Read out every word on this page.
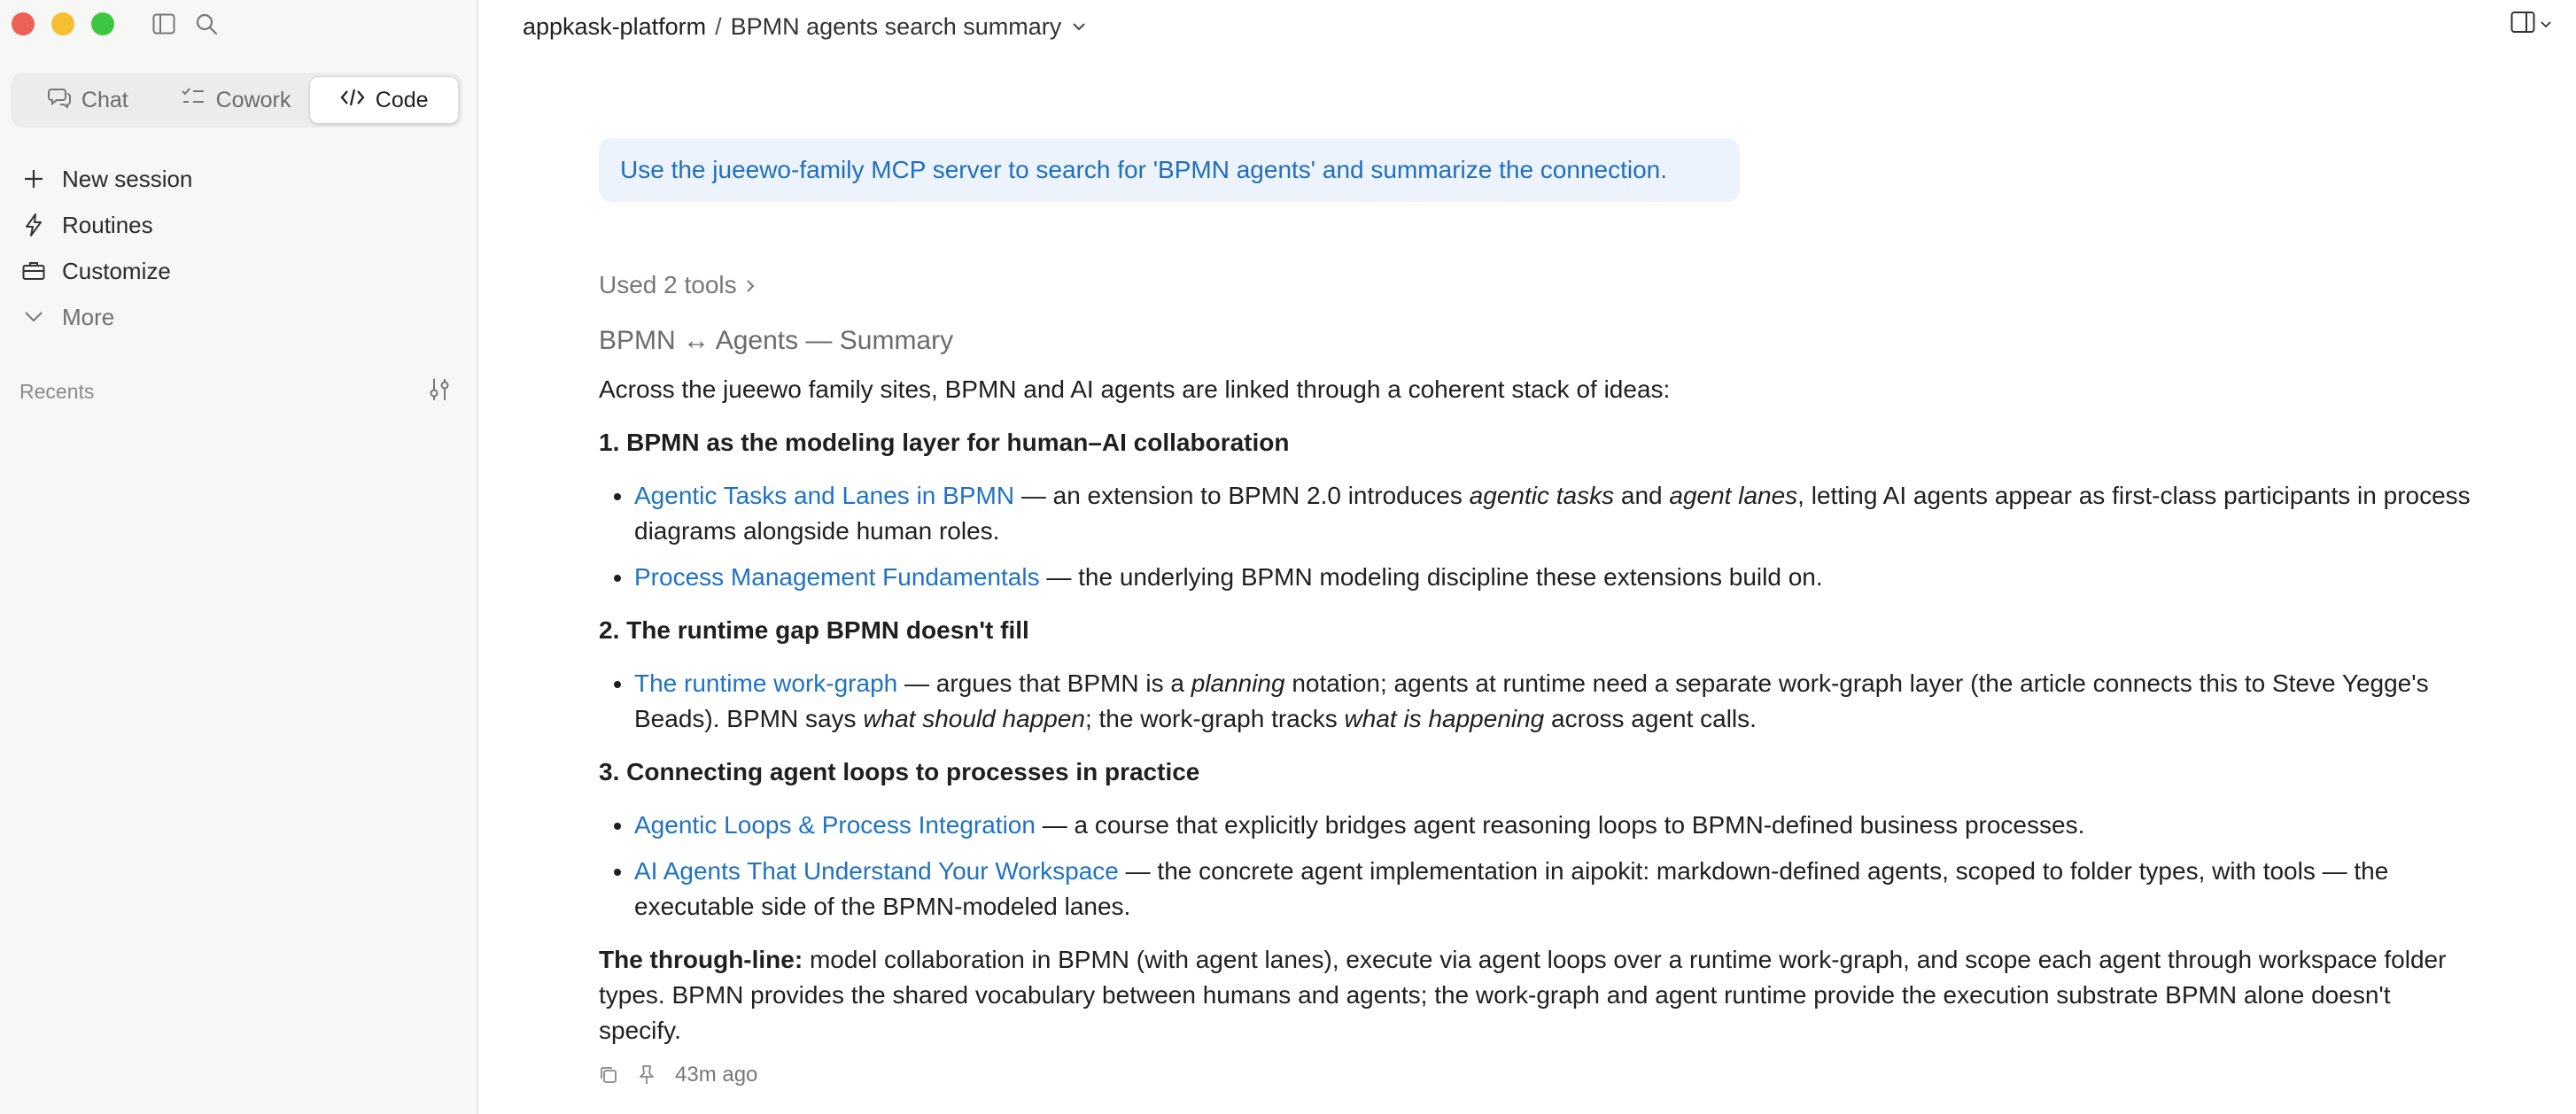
Chat	Cowork	Code
New session
Routines
Customize
More
Recents
appkask-platform / BPMN agents search summary
Use the jueewo-family MCP server to search for 'BPMN agents' and summarize the connection.
Used 2 tools
BPMN ↔ Agents — Summary

Across the jueewo family sites, BPMN and AI agents are linked through a coherent stack of ideas:

1. BPMN as the modeling layer for human–AI collaboration

• Agentic Tasks and Lanes in BPMN — an extension to BPMN 2.0 introduces agentic tasks and agent lanes, letting AI agents appear as first-class participants in process diagrams alongside human roles.
• Process Management Fundamentals — the underlying BPMN modeling discipline these extensions build on.

2. The runtime gap BPMN doesn't fill

• The runtime work-graph — argues that BPMN is a planning notation; agents at runtime need a separate work-graph layer (the article connects this to Steve Yegge's Beads). BPMN says what should happen; the work-graph tracks what is happening across agent calls.

3. Connecting agent loops to processes in practice

• Agentic Loops & Process Integration — a course that explicitly bridges agent reasoning loops to BPMN-defined business processes.
• AI Agents That Understand Your Workspace — the concrete agent implementation in aipokit: markdown-defined agents, scoped to folder types, with tools — the executable side of the BPMN-modeled lanes.

The through-line: model collaboration in BPMN (with agent lanes), execute via agent loops over a runtime work-graph, and scope each agent through workspace folder types. BPMN provides the shared vocabulary between humans and agents; the work-graph and agent runtime provide the execution substrate BPMN alone doesn't specify.

43m ago
